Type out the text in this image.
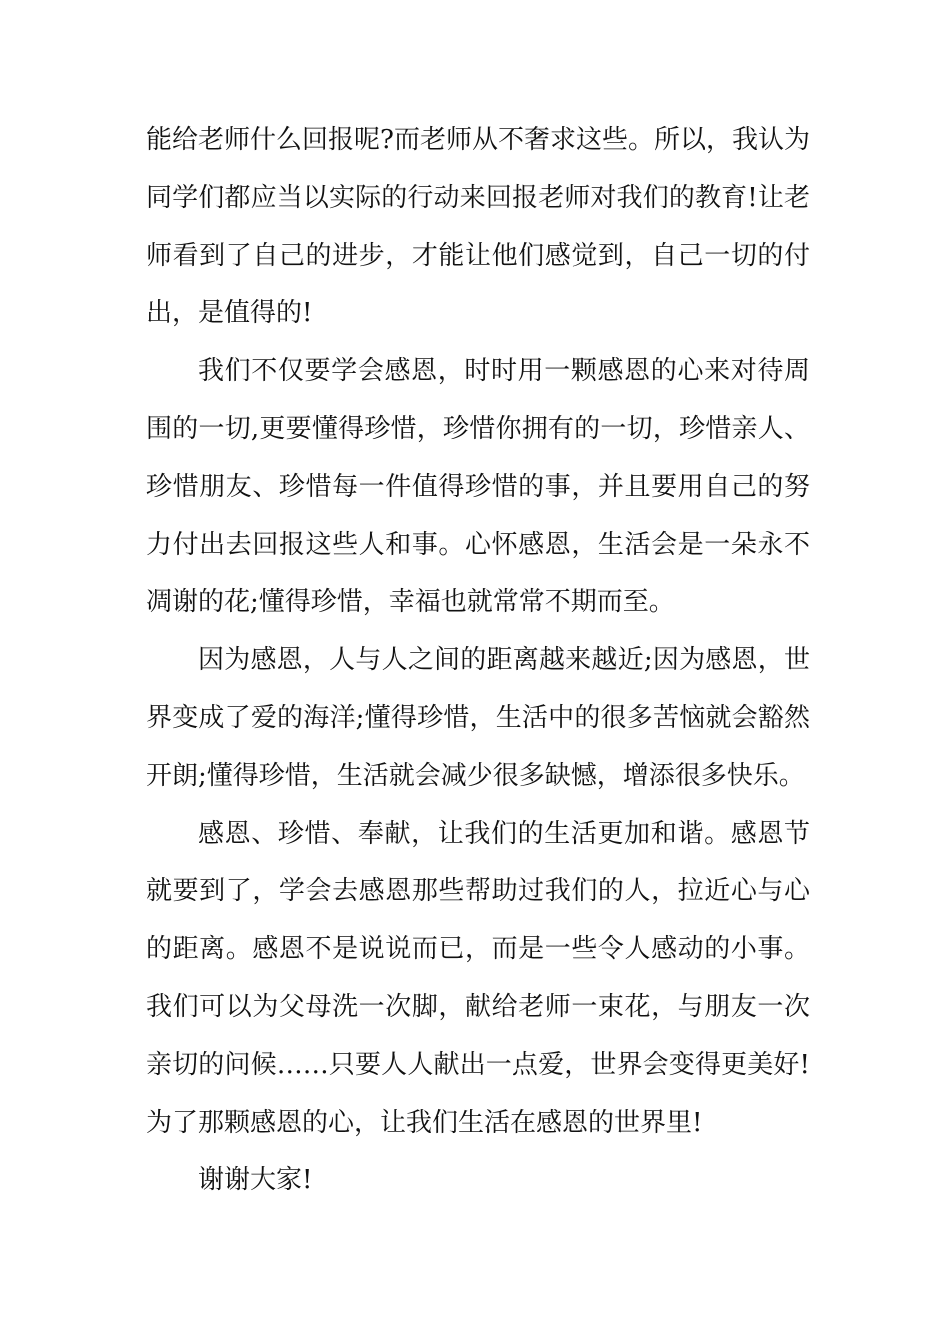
能给老师什么回报呢?而老师从不奢求这些。所以，我认为同学们都应当以实际的行动来回报老师对我们的教育!让老师看到了自己的进步，才能让他们感觉到，自己一切的付出，是值得的!

我们不仅要学会感恩，时时用一颗感恩的心来对待周围的一切,更要懂得珍惜，珍惜你拥有的一切，珍惜亲人、珍惜朋友、珍惜每一件值得珍惜的事，并且要用自己的努力付出去回报这些人和事。心怀感恩，生活会是一朵永不凋谢的花;懂得珍惜，幸福也就常常不期而至。

因为感恩，人与人之间的距离越来越近;因为感恩，世界变成了爱的海洋;懂得珍惜，生活中的很多苦恼就会豁然开朗;懂得珍惜，生活就会减少很多缺憾，增添很多快乐。

感恩、珍惜、奉献，让我们的生活更加和谐。感恩节就要到了，学会去感恩那些帮助过我们的人，拉近心与心的距离。感恩不是说说而已，而是一些令人感动的小事。我们可以为父母洗一次脚，献给老师一束花，与朋友一次亲切的问候……只要人人献出一点爱，世界会变得更美好!为了那颗感恩的心，让我们生活在感恩的世界里!

谢谢大家!
